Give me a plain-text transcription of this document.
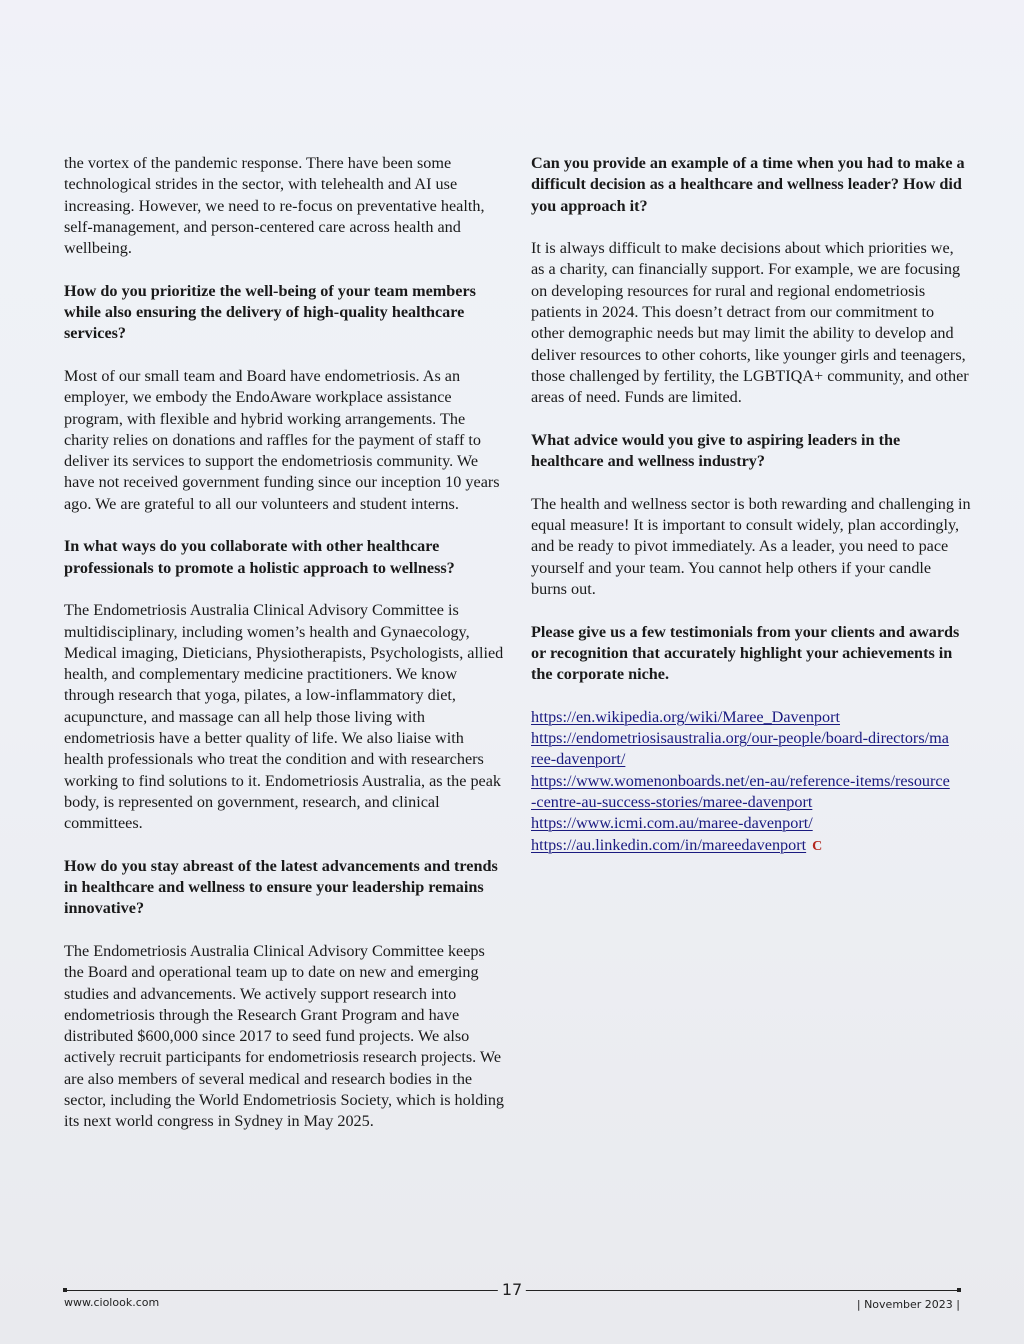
the vortex of the pandemic response. There have been some technological strides in the sector, with telehealth and AI use increasing. However, we need to re-focus on preventative health, self-management, and person-centered care across health and wellbeing.

How do you prioritize the well-being of your team members while also ensuring the delivery of high-quality healthcare services?

Most of our small team and Board have endometriosis. As an employer, we embody the EndoAware workplace assistance program, with flexible and hybrid working arrangements. The charity relies on donations and raffles for the payment of staff to deliver its services to support the endometriosis community. We have not received government funding since our inception 10 years ago. We are grateful to all our volunteers and student interns.

In what ways do you collaborate with other healthcare professionals to promote a holistic approach to wellness?

The Endometriosis Australia Clinical Advisory Committee is multidisciplinary, including women’s health and Gynaecology, Medical imaging, Dieticians, Physiotherapists, Psychologists, allied health, and complementary medicine practitioners. We know through research that yoga, pilates, a low-inflammatory diet, acupuncture, and massage can all help those living with endometriosis have a better quality of life. We also liaise with health professionals who treat the condition and with researchers working to find solutions to it. Endometriosis Australia, as the peak body, is represented on government, research, and clinical committees.

How do you stay abreast of the latest advancements and trends in healthcare and wellness to ensure your leadership remains innovative?

The Endometriosis Australia Clinical Advisory Committee keeps the Board and operational team up to date on new and emerging studies and advancements. We actively support research into endometriosis through the Research Grant Program and have distributed $600,000 since 2017 to seed fund projects. We also actively recruit participants for endometriosis research projects. We are also members of several medical and research bodies in the sector, including the World Endometriosis Society, which is holding its next world congress in Sydney in May 2025.

Can you provide an example of a time when you had to make a difficult decision as a healthcare and wellness leader? How did you approach it?

It is always difficult to make decisions about which priorities we, as a charity, can financially support. For example, we are focusing on developing resources for rural and regional endometriosis patients in 2024. This doesn’t detract from our commitment to other demographic needs but may limit the ability to develop and deliver resources to other cohorts, like younger girls and teenagers, those challenged by fertility, the LGBTIQA+ community, and other areas of need. Funds are limited.

What advice would you give to aspiring leaders in the healthcare and wellness industry?

The health and wellness sector is both rewarding and challenging in equal measure! It is important to consult widely, plan accordingly, and be ready to pivot immediately. As a leader, you need to pace yourself and your team. You cannot help others if your candle burns out.

Please give us a few testimonials from your clients and awards or recognition that accurately highlight your achievements in the corporate niche.

https://en.wikipedia.org/wiki/Maree_Davenport
https://endometriosisaustralia.org/our-people/board-directors/maree-davenport/
https://www.womenonboards.net/en-au/reference-items/resource-centre-au-success-stories/maree-davenport
https://www.icmi.com.au/maree-davenport/
https://au.linkedin.com/in/mareedavenport C
17
www.ciolook.com	| November 2023 |
